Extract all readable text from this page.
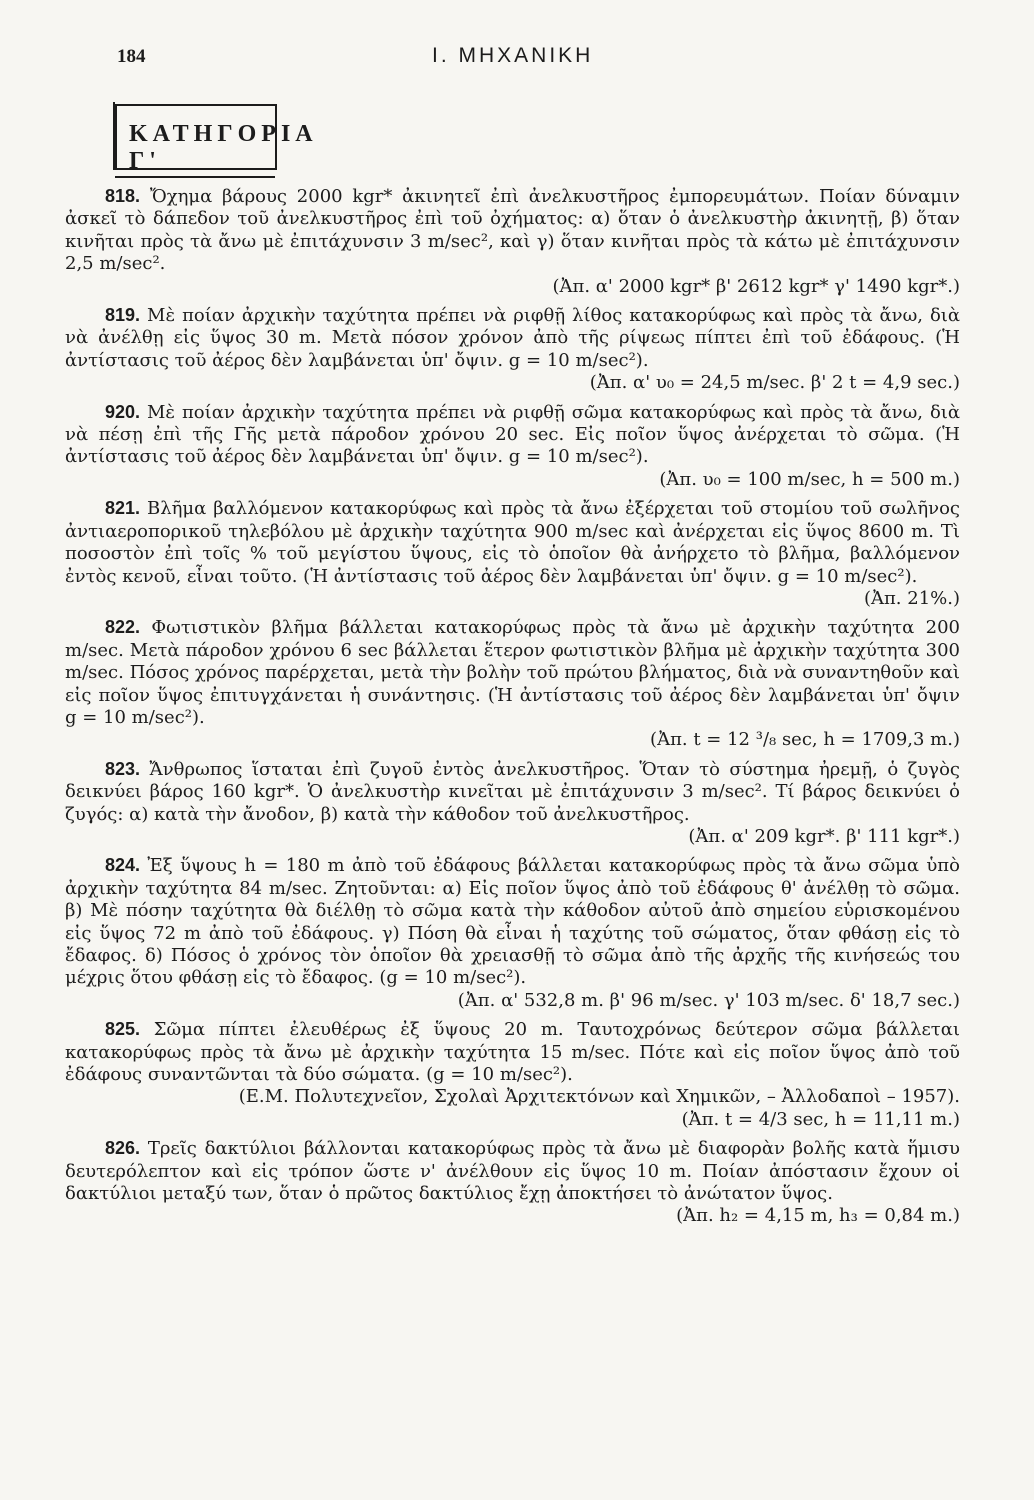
184	I. ΜΗΧΑΝΙΚΗ
ΚΑΤΗΓΟΡΙΑ Γ'
818. Ὄχημα βάρους 2000 kgr* ἀκινητεῖ ἐπὶ ἀνελκυστῆρος ἐμπορευμάτων. Ποίαν δύναμιν ἀσκεῖ τὸ δάπεδον τοῦ ἀνελκυστῆρος ἐπὶ τοῦ ὀχήματος: α) ὅταν ὁ ἀνελκυστὴρ ἀκινητῇ, β) ὅταν κινῆται πρὸς τὰ ἄνω μὲ ἐπιτάχυνσιν 3 m/sec², καὶ γ) ὅταν κινῆται πρὸς τὰ κάτω μὲ ἐπιτάχυνσιν 2,5 m/sec².
(Ἀπ. α' 2000 kgr* β' 2612 kgr* γ' 1490 kgr*.)
819. Μὲ ποίαν ἀρχικὴν ταχύτητα πρέπει νὰ ριφθῇ λίθος κατακορύφως καὶ πρὸς τὰ ἄνω, διὰ νὰ ἀνέλθῃ εἰς ὕψος 30 m. Μετὰ πόσον χρόνον ἀπὸ τῆς ρίψεως πίπτει ἐπὶ τοῦ ἐδάφους. (Ἡ ἀντίστασις τοῦ ἀέρος δὲν λαμβάνεται ὑπ' ὄψιν. g = 10 m/sec²).
(Ἀπ. α' υ₀ = 24,5 m/sec. β' 2 t = 4,9 sec.)
920. Μὲ ποίαν ἀρχικὴν ταχύτητα πρέπει νὰ ριφθῇ σῶμα κατακορύφως καὶ πρὸς τὰ ἄνω, διὰ νὰ πέσῃ ἐπὶ τῆς Γῆς μετὰ πάροδον χρόνου 20 sec. Εἰς ποῖον ὕψος ἀνέρχεται τὸ σῶμα. (Ἡ ἀντίστασις τοῦ ἀέρος δὲν λαμβάνεται ὑπ' ὄψιν. g = 10 m/sec²).
(Ἀπ. υ₀ = 100 m/sec, h = 500 m.)
821. Βλῆμα βαλλόμενον κατακορύφως καὶ πρὸς τὰ ἄνω ἐξέρχεται τοῦ στομίου τοῦ σωλῆνος ἀντιαεροπορικοῦ τηλεβόλου μὲ ἀρχικὴν ταχύτητα 900 m/sec καὶ ἀνέρχεται εἰς ὕψος 8600 m. Τὶ ποσοστὸν ἐπὶ τοῖς % τοῦ μεγίστου ὕψους, εἰς τὸ ὁποῖον θὰ ἀνήρχετο τὸ βλῆμα, βαλλόμενον ἐντὸς κενοῦ, εἶναι τοῦτο. (Ἡ ἀντίστασις τοῦ ἀέρος δὲν λαμβάνεται ὑπ' ὄψιν. g = 10 m/sec²).
(Ἀπ. 21%.)
822. Φωτιστικὸν βλῆμα βάλλεται κατακορύφως πρὸς τὰ ἄνω μὲ ἀρχικὴν ταχύτητα 200 m/sec. Μετὰ πάροδον χρόνου 6 sec βάλλεται ἕτερον φωτιστικὸν βλῆμα μὲ ἀρχικὴν ταχύτητα 300 m/sec. Πόσος χρόνος παρέρχεται, μετὰ τὴν βολὴν τοῦ πρώτου βλήματος, διὰ νὰ συναντηθοῦν καὶ εἰς ποῖον ὕψος ἐπιτυγχάνεται ἡ συνάντησις. (Ἡ ἀντίστασις τοῦ ἀέρος δὲν λαμβάνεται ὑπ' ὄψιν g = 10 m/sec²).
(Ἀπ. t = 12 ³/₈ sec, h = 1709,3 m.)
823. Ἄνθρωπος ἵσταται ἐπὶ ζυγοῦ ἐντὸς ἀνελκυστῆρος. Ὅταν τὸ σύστημα ἠρεμῇ, ὁ ζυγὸς δεικνύει βάρος 160 kgr*. Ὁ ἀνελκυστὴρ κινεῖται μὲ ἐπιτάχυνσιν 3 m/sec². Τί βάρος δεικνύει ὁ ζυγός: α) κατὰ τὴν ἄνοδον, β) κατὰ τὴν κάθοδον τοῦ ἀνελκυστῆρος.
(Ἀπ. α' 209 kgr*. β' 111 kgr*.)
824. Ἐξ ὕψους h = 180 m ἀπὸ τοῦ ἐδάφους βάλλεται κατακορύφως πρὸς τὰ ἄνω σῶμα ὑπὸ ἀρχικὴν ταχύτητα 84 m/sec. Ζητοῦνται: α) Εἰς ποῖον ὕψος ἀπὸ τοῦ ἐδάφους θ' ἀνέλθῃ τὸ σῶμα. β) Μὲ πόσην ταχύτητα θὰ διέλθῃ τὸ σῶμα κατὰ τὴν κάθοδον αὐτοῦ ἀπὸ σημείου εὑρισκομένου εἰς ὕψος 72 m ἀπὸ τοῦ ἐδάφους. γ) Πόση θὰ εἶναι ἡ ταχύτης τοῦ σώματος, ὅταν φθάσῃ εἰς τὸ ἔδαφος. δ) Πόσος ὁ χρόνος τὸν ὁποῖον θὰ χρειασθῇ τὸ σῶμα ἀπὸ τῆς ἀρχῆς τῆς κινήσεώς του μέχρις ὅτου φθάσῃ εἰς τὸ ἔδαφος. (g = 10 m/sec²).
(Ἀπ. α' 532,8 m. β' 96 m/sec. γ' 103 m/sec. δ' 18,7 sec.)
825. Σῶμα πίπτει ἐλευθέρως ἐξ ὕψους 20 m. Ταυτοχρόνως δεύτερον σῶμα βάλλεται κατακορύφως πρὸς τὰ ἄνω μὲ ἀρχικὴν ταχύτητα 15 m/sec. Πότε καὶ εἰς ποῖον ὕψος ἀπὸ τοῦ ἐδάφους συναντῶνται τὰ δύο σώματα. (g = 10 m/sec²).
(Ε.Μ. Πολυτεχνεῖον, Σχολαὶ Ἀρχιτεκτόνων καὶ Χημικῶν, – Ἀλλοδαποὶ – 1957).
(Ἀπ. t = 4/3 sec, h = 11,11 m.)
826. Τρεῖς δακτύλιοι βάλλονται κατακορύφως πρὸς τὰ ἄνω μὲ διαφορὰν βολῆς κατὰ ἥμισυ δευτερόλεπτον καὶ εἰς τρόπον ὥστε ν' ἀνέλθουν εἰς ὕψος 10 m. Ποίαν ἀπόστασιν ἔχουν οἱ δακτύλιοι μεταξύ των, ὅταν ὁ πρῶτος δακτύλιος ἔχῃ ἀποκτήσει τὸ ἀνώτατον ὕψος.
(Ἀπ. h₂ = 4,15 m, h₃ = 0,84 m.)
